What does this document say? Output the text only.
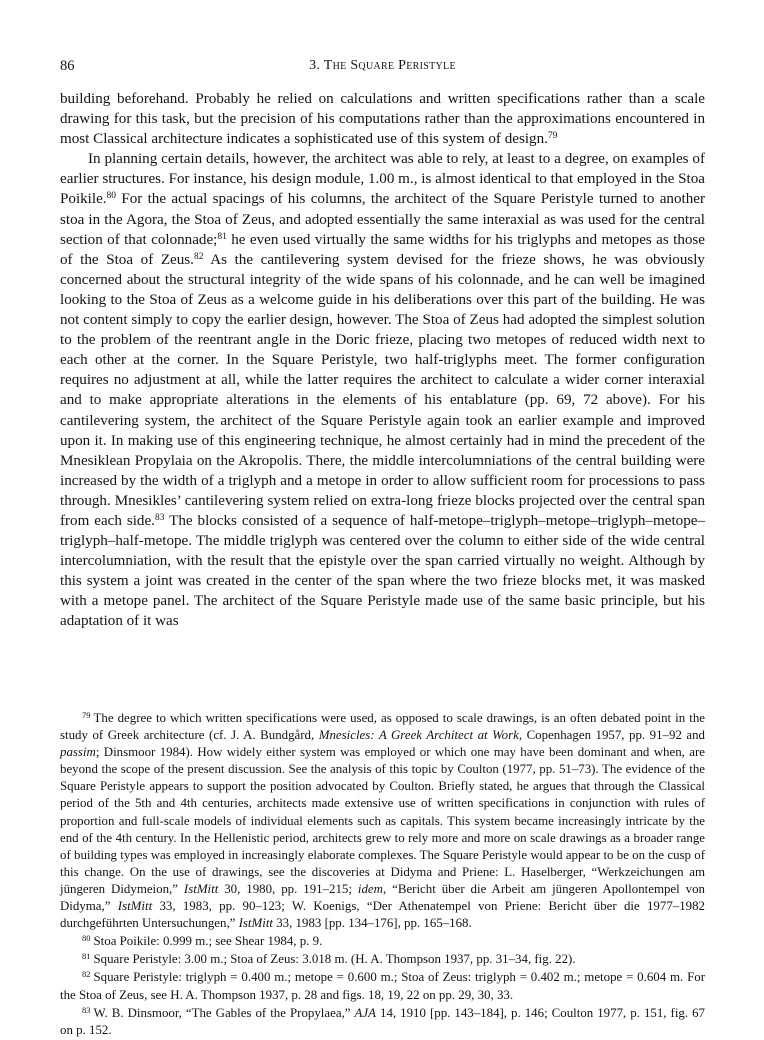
86	3. The Square Peristyle

building beforehand. Probably he relied on calculations and written specifications rather than a scale drawing for this task, but the precision of his computations rather than the approximations encountered in most Classical architecture indicates a sophisticated use of this system of design.$^{79}$

In planning certain details, however, the architect was able to rely, at least to a degree, on examples of earlier structures. For instance, his design module, 1.00 m., is almost identical to that employed in the Stoa Poikile.$^{80}$ For the actual spacings of his columns, the architect of the Square Peristyle turned to another stoa in the Agora, the Stoa of Zeus, and adopted essentially the same interaxial as was used for the central section of that colonnade;$^{81}$ he even used virtually the same widths for his triglyphs and metopes as those of the Stoa of Zeus.$^{82}$ As the cantilevering system devised for the frieze shows, he was obviously concerned about the structural integrity of the wide spans of his colonnade, and he can well be imagined looking to the Stoa of Zeus as a welcome guide in his deliberations over this part of the building. He was not content simply to copy the earlier design, however. The Stoa of Zeus had adopted the simplest solution to the problem of the reentrant angle in the Doric frieze, placing two metopes of reduced width next to each other at the corner. In the Square Peristyle, two half-triglyphs meet. The former configuration requires no adjustment at all, while the latter requires the architect to calculate a wider corner interaxial and to make appropriate alterations in the elements of his entablature (pp. 69, 72 above). For his cantilevering system, the architect of the Square Peristyle again took an earlier example and improved upon it. In making use of this engineering technique, he almost certainly had in mind the precedent of the Mnesiklean Propylaia on the Akropolis. There, the middle intercolumniations of the central building were increased by the width of a triglyph and a metope in order to allow sufficient room for processions to pass through. Mnesikles’ cantilevering system relied on extra-long frieze blocks projected over the central span from each side.$^{83}$ The blocks consisted of a sequence of half-metope–triglyph–metope–triglyph–metope–triglyph–half-metope. The middle triglyph was centered over the column to either side of the wide central intercolumniation, with the result that the epistyle over the span carried virtually no weight. Although by this system a joint was created in the center of the span where the two frieze blocks met, it was masked with a metope panel. The architect of the Square Peristyle made use of the same basic principle, but his adaptation of it was

$^{79}$ The degree to which written specifications were used, as opposed to scale drawings, is an often debated point in the study of Greek architecture (cf. J. A. Bundgård, Mnesicles: A Greek Architect at Work, Copenhagen 1957, pp. 91–92 and passim; Dinsmoor 1984). How widely either system was employed or which one may have been dominant and when, are beyond the scope of the present discussion. See the analysis of this topic by Coulton (1977, pp. 51–73). The evidence of the Square Peristyle appears to support the position advocated by Coulton. Briefly stated, he argues that through the Classical period of the 5th and 4th centuries, architects made extensive use of written specifications in conjunction with rules of proportion and full-scale models of individual elements such as capitals. This system became increasingly intricate by the end of the 4th century. In the Hellenistic period, architects grew to rely more and more on scale drawings as a broader range of building types was employed in increasingly elaborate complexes. The Square Peristyle would appear to be on the cusp of this change. On the use of drawings, see the discoveries at Didyma and Priene: L. Haselberger, “Werkzeichungen am jüngeren Didymeion,” IstMitt 30, 1980, pp. 191–215; idem, “Bericht über die Arbeit am jüngeren Apollontempel von Didyma,” IstMitt 33, 1983, pp. 90–123; W. Koenigs, “Der Athenatempel von Priene: Bericht über die 1977–1982 durchgeführten Untersuchungen,” IstMitt 33, 1983 [pp. 134–176], pp. 165–168.

$^{80}$ Stoa Poikile: 0.999 m.; see Shear 1984, p. 9.

$^{81}$ Square Peristyle: 3.00 m.; Stoa of Zeus: 3.018 m. (H. A. Thompson 1937, pp. 31–34, fig. 22).

$^{82}$ Square Peristyle: triglyph = 0.400 m.; metope = 0.600 m.; Stoa of Zeus: triglyph = 0.402 m.; metope = 0.604 m. For the Stoa of Zeus, see H. A. Thompson 1937, p. 28 and figs. 18, 19, 22 on pp. 29, 30, 33.

$^{83}$ W. B. Dinsmoor, “The Gables of the Propylaea,” AJA 14, 1910 [pp. 143–184], p. 146; Coulton 1977, p. 151, fig. 67 on p. 152.
